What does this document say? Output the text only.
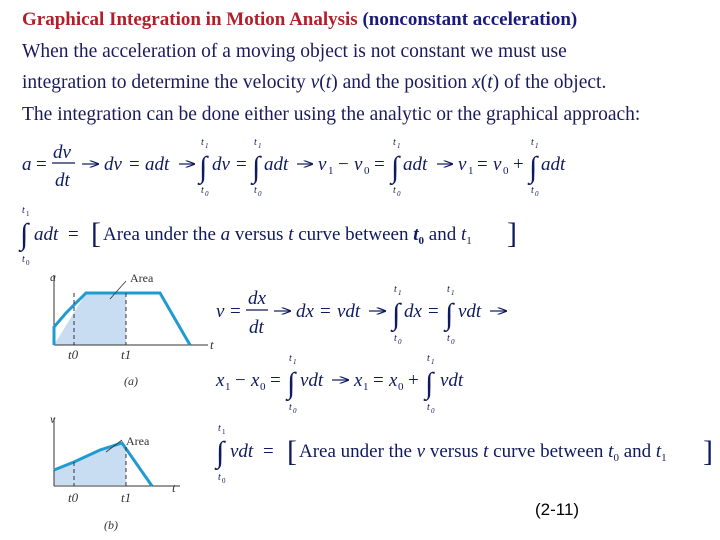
Graphical Integration in Motion Analysis (nonconstant acceleration)
When the acceleration of a moving object is not constant we must use
integration to determine the velocity v(t) and the position x(t) of the object.
The integration can be done either using the analytic or the graphical approach:
a =
dv
dt
dv = adt ∫
t 1
t 0
dv = ∫
t 1
t 0
adt v 1 − v 0 = ∫
t 1
t 0
adt v 1 = v 0 + ∫
t 1
t 0
adt
∫
t 1
t 0
adt = [ Area under the a versus t curve between $t_0$ and $t_1$ ]
v =
dx
dt
dx = vdt ∫
t 1
t 0
dx = ∫
t 1
t 0
vdt
x 1 − x 0 = ∫
t 1
t 0
vdt x 1 = x 0 + ∫
t 1
t 0
vdt
∫
t 1
t 0
vdt = [ Area under the v versus t curve between $t_0$ and $t_1$ ]
a
t
Area
t0	t1
(a)
v
t
Area
t0	t1
(b)
(2-11)
